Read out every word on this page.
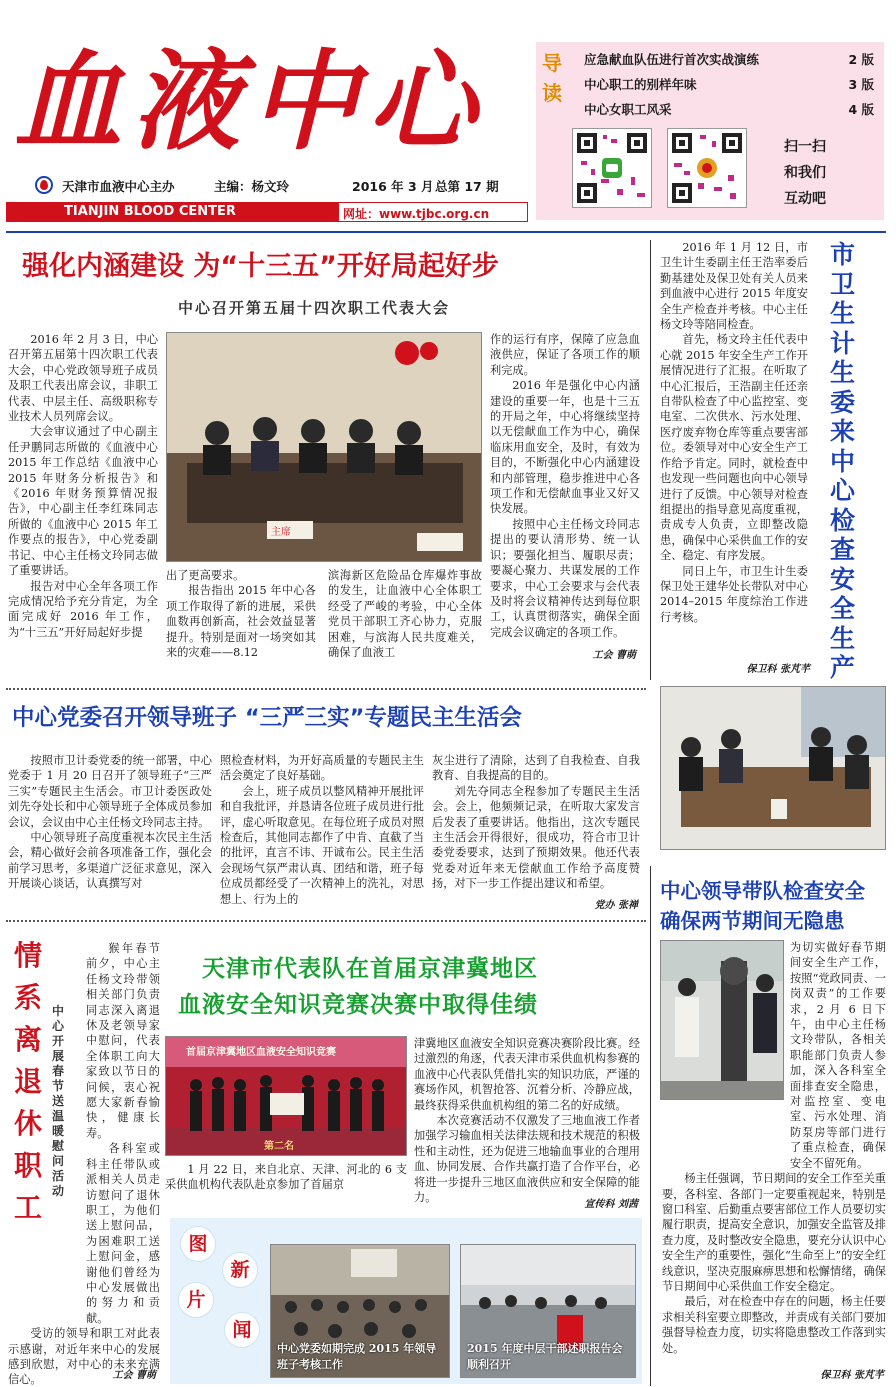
血液中心
天津市血液中心主办	主编：杨文玲	2016 年 3 月 总第 17 期
TIANJIN BLOOD CENTER	网址：www.tjbc.org.cn
导读
应急献血队伍进行首次实战演练	2 版
中心职工的别样年味	3 版
中心女职工风采	4 版
扫一扫
和我们
互动吧
强化内涵建设 为“十三五”开好局起好步
中心召开第五届十四次职工代表大会

2016 年 2 月 3 日，中心召开第五届第十四次职工代表大会，中心党政领导班子成员及职工代表出席会议，非职工代表、中层主任、高级职称专业技术人员列席会议。

大会审议通过了中心副主任尹鹏同志所做的《血液中心 2015 年工作总结《血液中心 2015 年财务分析报告》和《2016 年财务预算情况报告》，中心副主任李红珠同志所做的《血液中心 2015 年工作要点的报告》，中心党委副书记、中心主任杨文玲同志做了重要讲话。

报告对中心全年各项工作完成情况给予充分肯定，为全面完成好 2016 年工作，为“十三五”开好局起好步提

主席

出了更高要求。

报告指出 2015 年中心各项工作取得了新的进展，采供血数再创新高，社会效益显著提升。特别是面对一场突如其来的灾难——8.12

滨海新区危险品仓库爆炸事故的发生，让血液中心全体职工经受了严峻的考验，中心全体党员干部职工齐心协力，克服困难，与滨海人民共度难关，确保了血液工

作的运行有序，保障了应急血液供应，保证了各项工作的顺利完成。

2016 年是强化中心内涵建设的重要一年，也是十三五的开局之年，中心将继续坚持以无偿献血工作为中心，确保临床用血安全，及时，有效为目的，不断强化中心内涵建设和内部管理，稳步推进中心各项工作和无偿献血事业又好又快发展。

按照中心主任杨文玲同志提出的要认清形势、统一认识；要强化担当、履职尽责；要凝心聚力、共谋发展的工作要求，中心工会要求与会代表及时将会议精神传达到每位职工，认真贯彻落实，确保全面完成会议确定的各项工作。

工会 曹萌

2016 年 1 月 12 日，市卫生计生委副主任王浩率委后勤基建处及保卫处有关人员来到血液中心进行 2015 年度安全生产检查并考核。中心主任杨文玲等陪同检查。

首先，杨文玲主任代表中心就 2015 年安全生产工作开展情况进行了汇报。在听取了中心汇报后，王浩副主任还亲自带队检查了中心监控室、变电室、二次供水、污水处理、医疗废弃物仓库等重点要害部位。委领导对中心安全生产工作给予肯定。同时，就检查中也发现一些问题也向中心领导进行了反馈。中心领导对检查组提出的指导意见高度重视，责成专人负责，立即整改隐患，确保中心采供血工作的安全、稳定、有序发展。

同日上午，市卫生计生委保卫处王建华处长带队对中心 2014–2015 年度综治工作进行考核。

保卫科 张芃芊
市卫生计生委来中心检查安全生产
中心党委召开领导班子 “三严三实”专题民主生活会

按照市卫计委党委的统一部署，中心党委于 1 月 20 日召开了领导班子“三严三实”专题民主生活会。市卫计委医政处刘先夺处长和中心领导班子全体成员参加会议，会议由中心主任杨文玲同志主持。

中心领导班子高度重视本次民主生活会，精心做好会前各项准备工作，强化会前学习思考，多渠道广泛征求意见，深入开展谈心谈话，认真撰写对

照检查材料，为开好高质量的专题民主生活会奠定了良好基础。

会上，班子成员以整风精神开展批评和自我批评，并恳请各位班子成员进行批评，虚心听取意见。在每位班子成员对照检查后，其他同志都作了中肯、直截了当的批评，直言不讳、开诚布公。民主生活会现场气氛严肃认真、团结和谐，班子每位成员都经受了一次精神上的洗礼，对思想上、行为上的

灰尘进行了清除，达到了自我检查、自我教育、自我提高的目的。

刘先夺同志全程参加了专题民主生活会。会上，他频频记录，在听取大家发言后发表了重要讲话。他指出，这次专题民主生活会开得很好，很成功，符合市卫计委党委要求，达到了预期效果。他还代表党委对近年来无偿献血工作给予高度赞扬，对下一步工作提出建议和希望。

党办 张禅
中心领导带队检查安全
确保两节期间无隐患

为切实做好春节期间安全生产工作，按照“党政同责、一岗双责”的工作要求，2 月 6 日下午，由中心主任杨文玲带队，各相关职能部门负责人参加，深入各科室全面排查安全隐患，对监控室、变电室、污水处理、消防泵房等部门进行了重点检查，确保安全不留死角。

杨主任强调，节日期间的安全工作至关重要，各科室、各部门一定要重视起来，特别是窗口科室、后勤重点要害部位工作人员要切实履行职责，提高安全意识，加强安全监管及排查力度，及时整改安全隐患，要充分认识中心安全生产的重要性，强化“生命至上”的安全红线意识，坚决克服麻痹思想和松懈情绪，确保节日期间中心采供血工作安全稳定。

最后，对在检查中存在的问题，杨主任要求相关科室要立即整改，并责成有关部门要加强督导检查力度，切实将隐患整改工作落到实处。

保卫科 张芃芊
情系离退休职工
中心开展春节送温暖慰问活动

猴年春节前夕，中心主任杨文玲带领相关部门负责同志深入离退休及老领导家中慰问，代表全体职工向大家致以节日的问候，衷心祝愿大家新春愉快，健康长寿。

各科室或科主任带队或派相关人员走访慰问了退休职工，为他们送上慰问品，为困难职工送上慰问金，感谢他们曾经为中心发展做出的努力和贡献。

受访的领导和职工对此表示感谢，对近年来中心的发展感到欣慰，对中心的未来充满信心。	工会 曹萌
天津市代表队在首届京津冀地区
血液安全知识竞赛决赛中取得佳绩
首届京津冀地区血液安全知识竞赛
第二名
1 月 22 日，来自北京、天津、河北的 6 支采供血机构代表队赴京参加了首届京

津冀地区血液安全知识竞赛决赛阶段比赛。经过激烈的角逐，代表天津市采供血机构参赛的血液中心代表队凭借扎实的知识功底，严谨的赛场作风，机智抢答、沉着分析、冷静应战，最终获得采供血机构组的第二名的好成绩。

本次竞赛活动不仅激发了三地血液工作者加强学习输血相关法律法规和技术规范的积极性和主动性，还为促进三地输血事业的合理用血、协同发展、合作共赢打造了合作平台，必将进一步提升三地区血液供应和安全保障的能力。

宣传科 刘茜
图
片
新
闻
中心党委如期完成 2015 年领导班子考核工作
2015 年度中层干部述职报告会顺利召开
